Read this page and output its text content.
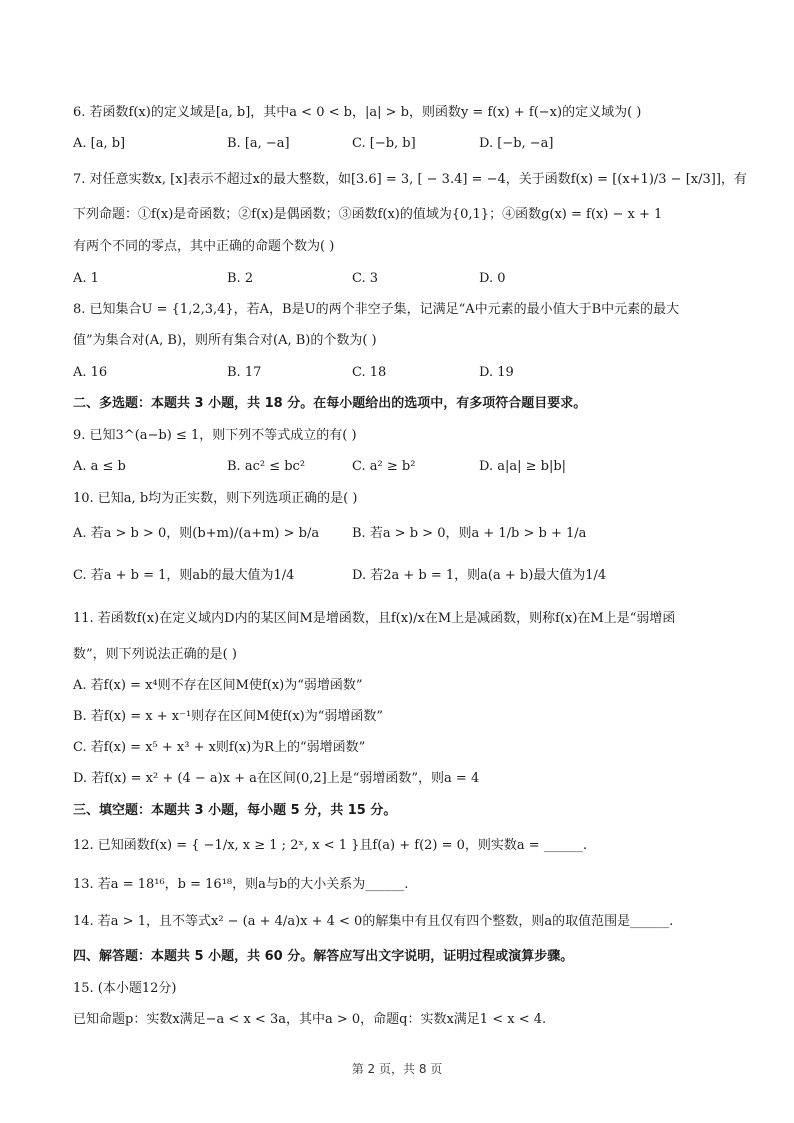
6. 若函数f(x)的定义域是[a, b]，其中a < 0 < b，|a| > b，则函数y = f(x) + f(−x)的定义域为( )
A. [a, b]	B. [a, −a]	C. [−b, b]	D. [−b, −a]
7. 对任意实数x, [x]表示不超过x的最大整数，如[3.6] = 3, [ − 3.4] = −4，关于函数f(x) = [(x+1)/3 − [x/3]]，有
下列命题：①f(x)是奇函数；②f(x)是偶函数；③函数f(x)的值域为{0,1}；④函数g(x) = f(x) − x + 1
有两个不同的零点，其中正确的命题个数为( )
A. 1	B. 2	C. 3	D. 0
8. 已知集合U = {1,2,3,4}，若A，B是U的两个非空子集，记满足“A中元素的最小值大于B中元素的最大
值”为集合对(A, B)，则所有集合对(A, B)的个数为( )
A. 16	B. 17	C. 18	D. 19
二、多选题：本题共 3 小题，共 18 分。在每小题给出的选项中，有多项符合题目要求。
9. 已知3^(a−b) ≤ 1，则下列不等式成立的有( )
A. a ≤ b	B. ac² ≤ bc²	C. a² ≥ b²	D. a|a| ≥ b|b|
10. 已知a, b均为正实数，则下列选项正确的是( )
A. 若a > b > 0，则(b+m)/(a+m) > b/a	B. 若a > b > 0，则a + 1/b > b + 1/a
C. 若a + b = 1，则ab的最大值为1/4	D. 若2a + b = 1，则a(a + b)最大值为1/4
11. 若函数f(x)在定义域内D内的某区间M是增函数，且f(x)/x在M上是减函数，则称f(x)在M上是“弱增函
数”，则下列说法正确的是( )
A. 若f(x) = x⁴则不存在区间M使f(x)为“弱增函数”
B. 若f(x) = x + x⁻¹则存在区间M使f(x)为“弱增函数”
C. 若f(x) = x⁵ + x³ + x则f(x)为R上的“弱增函数”
D. 若f(x) = x² + (4 − a)x + a在区间(0,2]上是“弱增函数”，则a = 4
三、填空题：本题共 3 小题，每小题 5 分，共 15 分。
12. 已知函数f(x) = { −1/x, x ≥ 1 ; 2ˣ, x < 1 }且f(a) + f(2) = 0，则实数a = ______.
13. 若a = 18¹⁶，b = 16¹⁸，则a与b的大小关系为______.
14. 若a > 1，且不等式x² − (a + 4/a)x + 4 < 0的解集中有且仅有四个整数，则a的取值范围是______.
四、解答题：本题共 5 小题，共 60 分。解答应写出文字说明，证明过程或演算步骤。
15. (本小题12分)
已知命题p：实数x满足−a < x < 3a，其中a > 0，命题q：实数x满足1 < x < 4.
第 2 页，共 8 页
